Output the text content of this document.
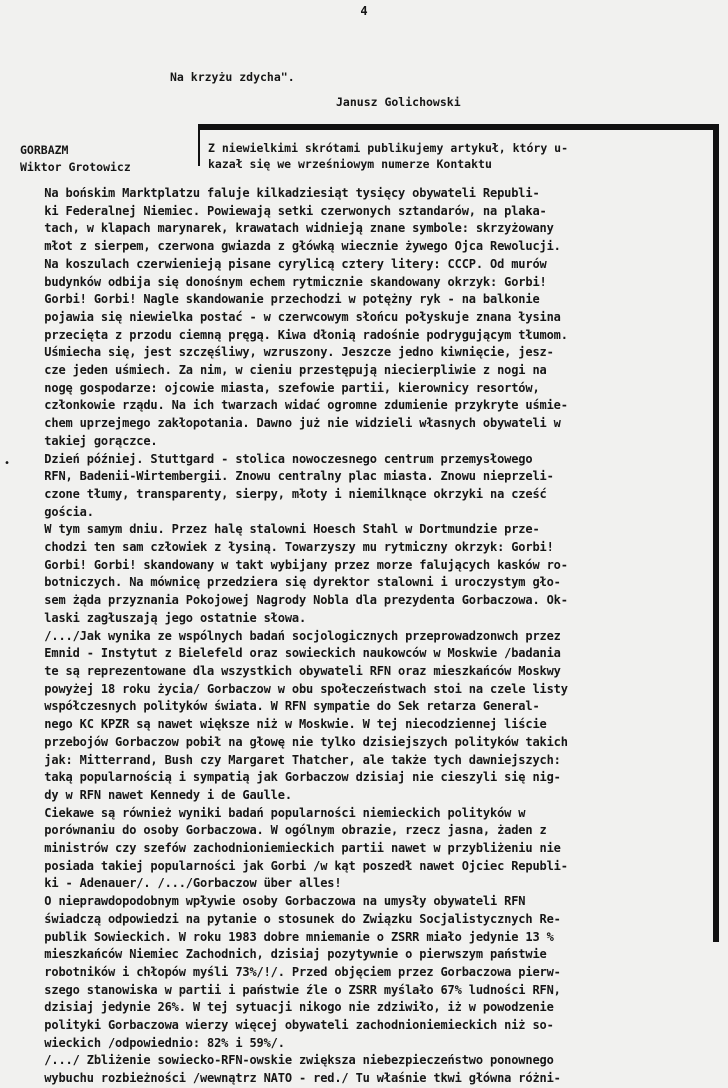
4
Na krzyżu zdycha".
Janusz Golichowski
GORBAZM
Wiktor Grotowicz
Z niewielkimi skrótami publikujemy artykuł, który u-
kazał się we wrześniowym numerze Kontaktu
•
Na bońskim Marktplatzu faluje kilkadziesiąt tysięcy obywateli Republi-
ki Federalnej Niemiec. Powiewają setki czerwonych sztandarów, na plaka-
tach, w klapach marynarek, krawatach widnieją znane symbole: skrzyżowany
młot z sierpem, czerwona gwiazda z główką wiecznie żywego Ojca Rewolucji.
Na koszulach czerwienieją pisane cyrylicą cztery litery: CCCP. Od murów
budynków odbija się donośnym echem rytmicznie skandowany okrzyk: Gorbi!
Gorbi! Gorbi! Nagle skandowanie przechodzi w potężny ryk - na balkonie
pojawia się niewielka postać - w czerwcowym słońcu połyskuje znana łysina
przecięta z przodu ciemną pręgą. Kiwa dłonią radośnie podrygującym tłumom.
Uśmiecha się, jest szczęśliwy, wzruszony. Jeszcze jedno kiwnięcie, jesz-
cze jeden uśmiech. Za nim, w cieniu przestępują niecierpliwie z nogi na
nogę gospodarze: ojcowie miasta, szefowie partii, kierownicy resortów,
członkowie rządu. Na ich twarzach widać ogromne zdumienie przykryte uśmie-
chem uprzejmego zakłopotania. Dawno już nie widzieli własnych obywateli w
takiej gorączce.
Dzień później. Stuttgard - stolica nowoczesnego centrum przemysłowego
RFN, Badenii-Wirtembergii. Znowu centralny plac miasta. Znowu nieprzeli-
czone tłumy, transparenty, sierpy, młoty i niemilknące okrzyki na cześć
gościa.
W tym samym dniu. Przez halę stalowni Hoesch Stahl w Dortmundzie prze-
chodzi ten sam człowiek z łysiną. Towarzyszy mu rytmiczny okrzyk: Gorbi!
Gorbi! Gorbi! skandowany w takt wybijany przez morze falujących kasków ro-
botniczych. Na mównicę przedziera się dyrektor stalowni i uroczystym gło-
sem żąda przyznania Pokojowej Nagrody Nobla dla prezydenta Gorbaczowa. Ok-
laski zagłuszają jego ostatnie słowa.
/.../Jak wynika ze wspólnych badań socjologicznych przeprowadzonwch przez
Emnid - Instytut z Bielefeld oraz sowieckich naukowców w Moskwie /badania
te są reprezentowane dla wszystkich obywateli RFN oraz mieszkańców Moskwy
powyżej 18 roku życia/ Gorbaczow w obu społeczeństwach stoi na czele listy
współczesnych polityków świata. W RFN sympatie do Sek retarza General-
nego KC KPZR są nawet większe niż w Moskwie. W tej niecodziennej liście
przebojów Gorbaczow pobił na głowę nie tylko dzisiejszych polityków takich
jak: Mitterrand, Bush czy Margaret Thatcher, ale także tych dawniejszych:
taką popularnością i sympatią jak Gorbaczow dzisiaj nie cieszyli się nig-
dy w RFN nawet Kennedy i de Gaulle.
Ciekawe są również wyniki badań popularności niemieckich polityków w
porównaniu do osoby Gorbaczowa. W ogólnym obrazie, rzecz jasna, żaden z
ministrów czy szefów zachodnioniemieckich partii nawet w przybliżeniu nie
posiada takiej popularności jak Gorbi /w kąt poszedł nawet Ojciec Republi-
ki - Adenauer/. /.../Gorbaczow über alles!
O nieprawdopodobnym wpływie osoby Gorbaczowa na umysły obywateli RFN
świadczą odpowiedzi na pytanie o stosunek do Związku Socjalistycznych Re-
publik Sowieckich. W roku 1983 dobre mniemanie o ZSRR miało jedynie 13 %
mieszkańców Niemiec Zachodnich, dzisiaj pozytywnie o pierwszym państwie
robotników i chłopów myśli 73%/!/. Przed objęciem przez Gorbaczowa pierw-
szego stanowiska w partii i państwie źle o ZSRR myślało 67% ludności RFN,
dzisiaj jedynie 26%. W tej sytuacji nikogo nie zdziwiło, iż w powodzenie
polityki Gorbaczowa wierzy więcej obywateli zachodnioniemieckich niż so-
wieckich /odpowiednio: 82% i 59%/.
/.../ Zbliżenie sowiecko-RFN-owskie zwiększa niebezpieczeństwo ponownego
wybuchu rozbieżności /wewnątrz NATO - red./ Tu właśnie tkwi główna różni-
